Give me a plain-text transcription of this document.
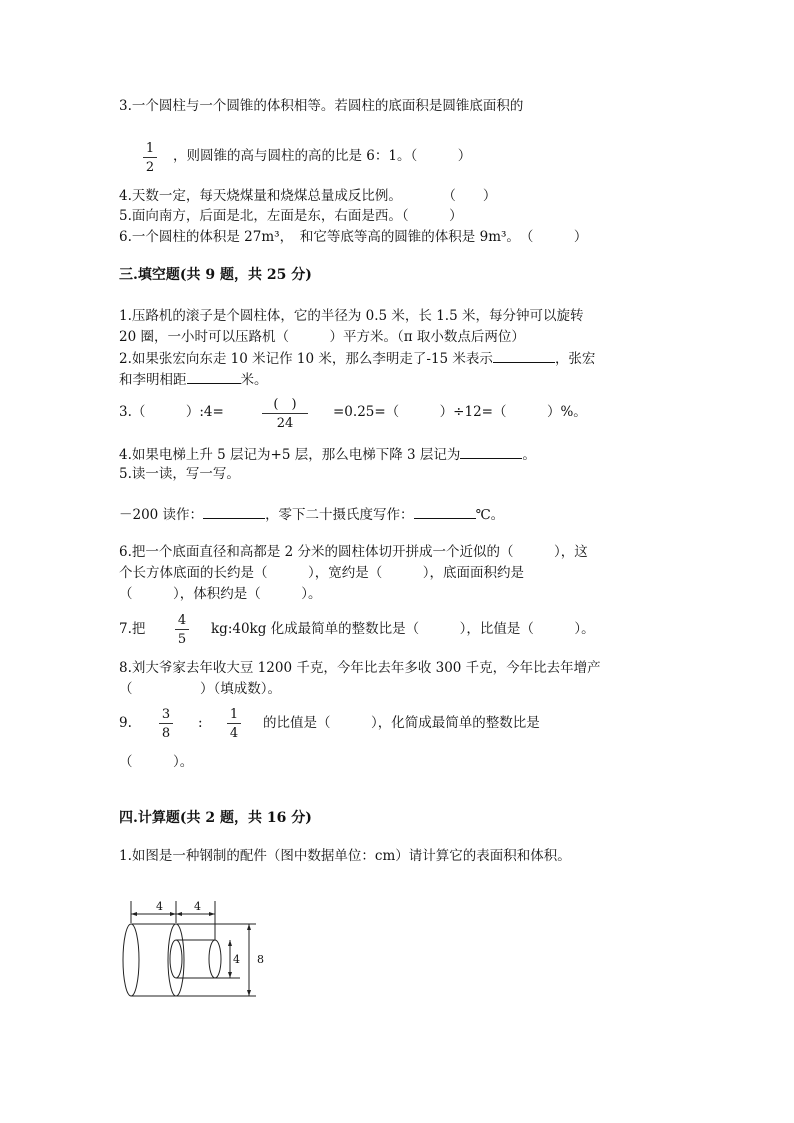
3.一个圆柱与一个圆锥的体积相等。若圆柱的底面积是圆锥底面积的
1
2
，则圆锥的高与圆柱的高的比是 6：1。（　　　）
4.天数一定，每天烧煤量和烧煤总量成反比例。　　　　（　　）
5.面向南方，后面是北，左面是东，右面是西。（　　　）
6.一个圆柱的体积是 27m³，　和它等底等高的圆锥的体积是 9m³。　（　　　）
三.填空题(共 9 题，共 25 分)
1.压路机的滚子是个圆柱体，它的半径为 0.5 米，长 1.5 米，每分钟可以旋转
20 圈，一小时可以压路机（　　　）平方米。（π 取小数点后两位）
2.如果张宏向东走 10 米记作 10 米，那么李明走了-15 米表示	，张宏
和李明相距	米。
3.（　　　）:4=	(　)
24
=0.25=（　　　）÷12=（　　　）%。
4.如果电梯上升 5 层记为+5 层，那么电梯下降 3 层记为	。
5.读一读，写一写。
－200 读作：	，零下二十摄氏度写作：	℃。
6.把一个底面直径和高都是 2 分米的圆柱体切开拼成一个近似的（　　　），这
个长方体底面的长约是（　　　），宽约是（　　　），底面面积约是
（　　　），体积约是（　　　）。
7.把
4
5
kg:40kg 化成最简单的整数比是（　　　），比值是（　　　）。
8.刘大爷家去年收大豆 1200 千克，今年比去年多收 300 千克，今年比去年增产
（　　　　　）（填成数）。
9.
3
8
:
1
4
的比值是（　　　），化简成最简单的整数比是
（　　　）。
四.计算题(共 2 题，共 16 分)
1.如图是一种钢制的配件（图中数据单位：cm）请计算它的表面积和体积。
4	4
4 8
